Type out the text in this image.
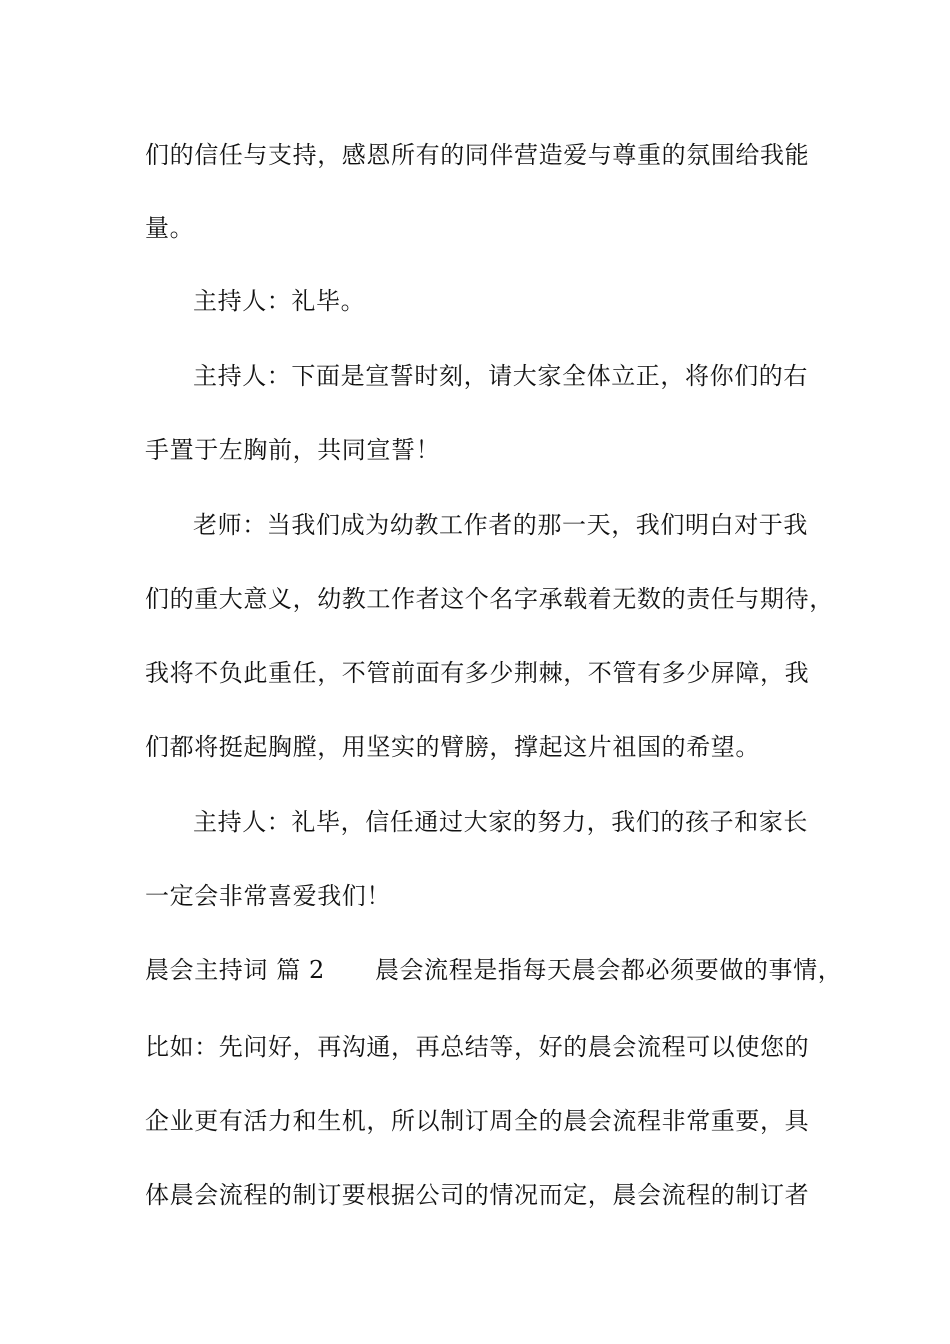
们的信任与支持，感恩所有的同伴营造爱与尊重的氛围给我能
量。
主持人：礼毕。
主持人：下面是宣誓时刻，请大家全体立正，将你们的右
手置于左胸前，共同宣誓！
老师：当我们成为幼教工作者的那一天，我们明白对于我
们的重大意义，幼教工作者这个名字承载着无数的责任与期待，
我将不负此重任，不管前面有多少荆棘，不管有多少屏障，我
们都将挺起胸膛，用坚实的臂膀，撑起这片祖国的希望。
主持人：礼毕，信任通过大家的努力，我们的孩子和家长
一定会非常喜爱我们！
晨会主持词 篇 2 晨会流程是指每天晨会都必须要做的事情，
比如：先问好，再沟通，再总结等，好的晨会流程可以使您的
企业更有活力和生机，所以制订周全的晨会流程非常重要，具
体晨会流程的制订要根据公司的情况而定，晨会流程的制订者
